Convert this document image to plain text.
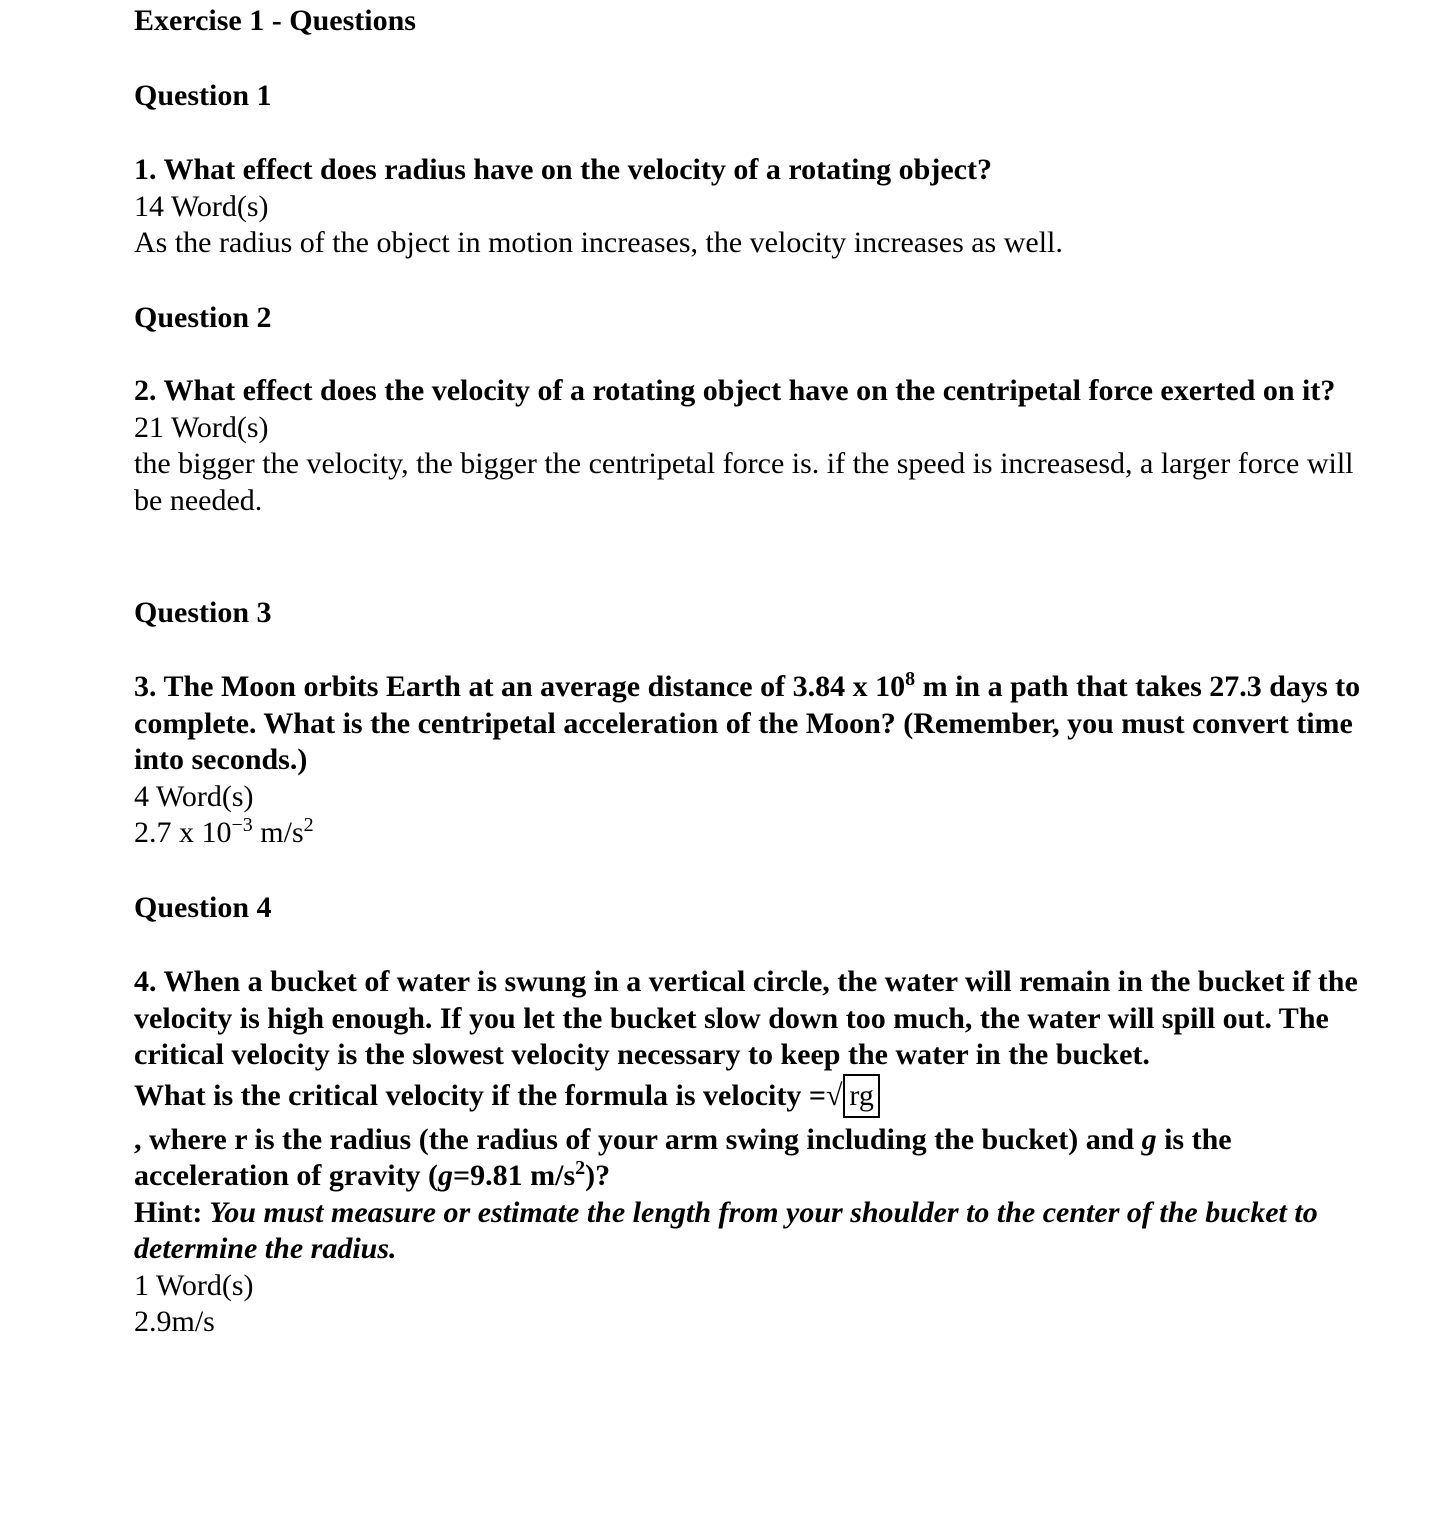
Exercise 1 - Questions
Question 1
1. What effect does radius have on the velocity of a rotating object?
14 Word(s)
As the radius of the object in motion increases, the velocity increases as well.
Question 2
2. What effect does the velocity of a rotating object have on the centripetal force exerted on it?
21 Word(s)
the bigger the velocity, the bigger the centripetal force is. if the speed is increasesd, a larger force will be needed.
Question 3
3. The Moon orbits Earth at an average distance of 3.84 x $10^8$ m in a path that takes 27.3 days to complete. What is the centripetal acceleration of the Moon? (Remember, you must convert time into seconds.)
4 Word(s)
2.7 x $10^{-3}$ $m/s^2$
Question 4
4. When a bucket of water is swung in a vertical circle, the water will remain in the bucket if the velocity is high enough. If you let the bucket slow down too much, the water will spill out. The critical velocity is the slowest velocity necessary to keep the water in the bucket.
What is the critical velocity if the formula is velocity =√ rg
, where r is the radius (the radius of your arm swing including the bucket) and g is the acceleration of gravity (g=9.81 $m/s^2$)?
Hint: You must measure or estimate the length from your shoulder to the center of the bucket to determine the radius.
1 Word(s)
2.9m/s
